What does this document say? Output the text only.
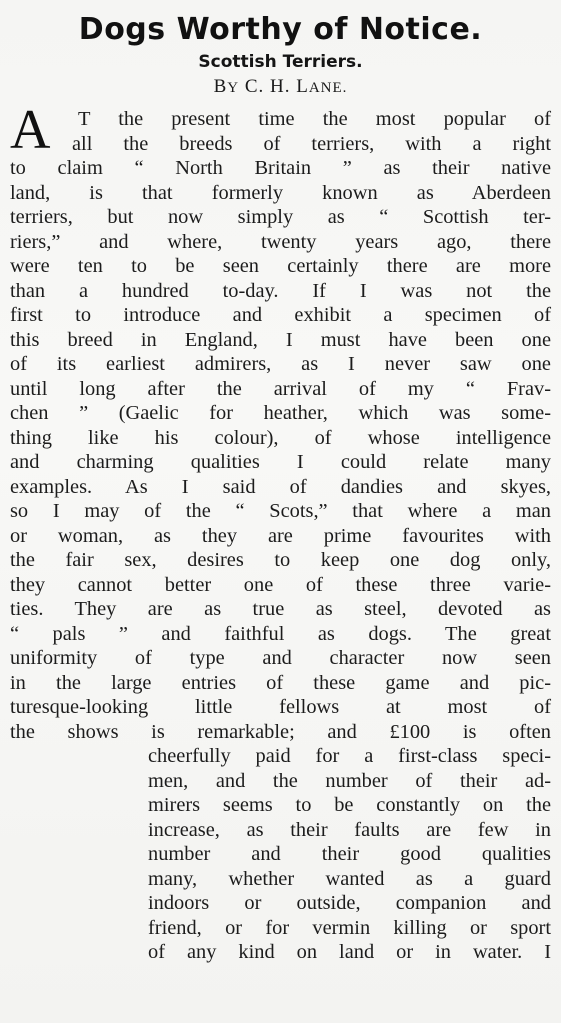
Dogs Worthy of Notice.
Scottish Terriers.
BY C. H. LANE.
A	T the present time the most popular of
all the breeds of terriers, with a right
to claim “ North Britain ” as their native
land, is that formerly known as Aberdeen
terriers, but now simply as “ Scottish ter-
riers,” and where, twenty years ago, there
were ten to be seen certainly there are more
than a hundred to-day. If I was not the
first to introduce and exhibit a specimen of
this breed in England, I must have been one
of its earliest admirers, as I never saw one
until long after the arrival of my “ Frav-
chen ” (Gaelic for heather, which was some-
thing like his colour), of whose intelligence
and charming qualities I could relate many
examples. As I said of dandies and skyes,
so I may of the “ Scots,” that where a man
or woman, as they are prime favourites with
the fair sex, desires to keep one dog only,
they cannot better one of these three varie-
ties. They are as true as steel, devoted as
“ pals ” and faithful as dogs. The great
uniformity of type and character now seen
in the large entries of these game and pic-
turesque-looking little fellows at most of
the shows is remarkable; and £100 is often
cheerfully paid for a first-class speci-
men, and the number of their ad-
mirers seems to be constantly on the
increase, as their faults are few in
number and their good qualities
many, whether wanted as a guard
indoors or outside, companion and
friend, or for vermin killing or sport
of any kind on land or in water. I
